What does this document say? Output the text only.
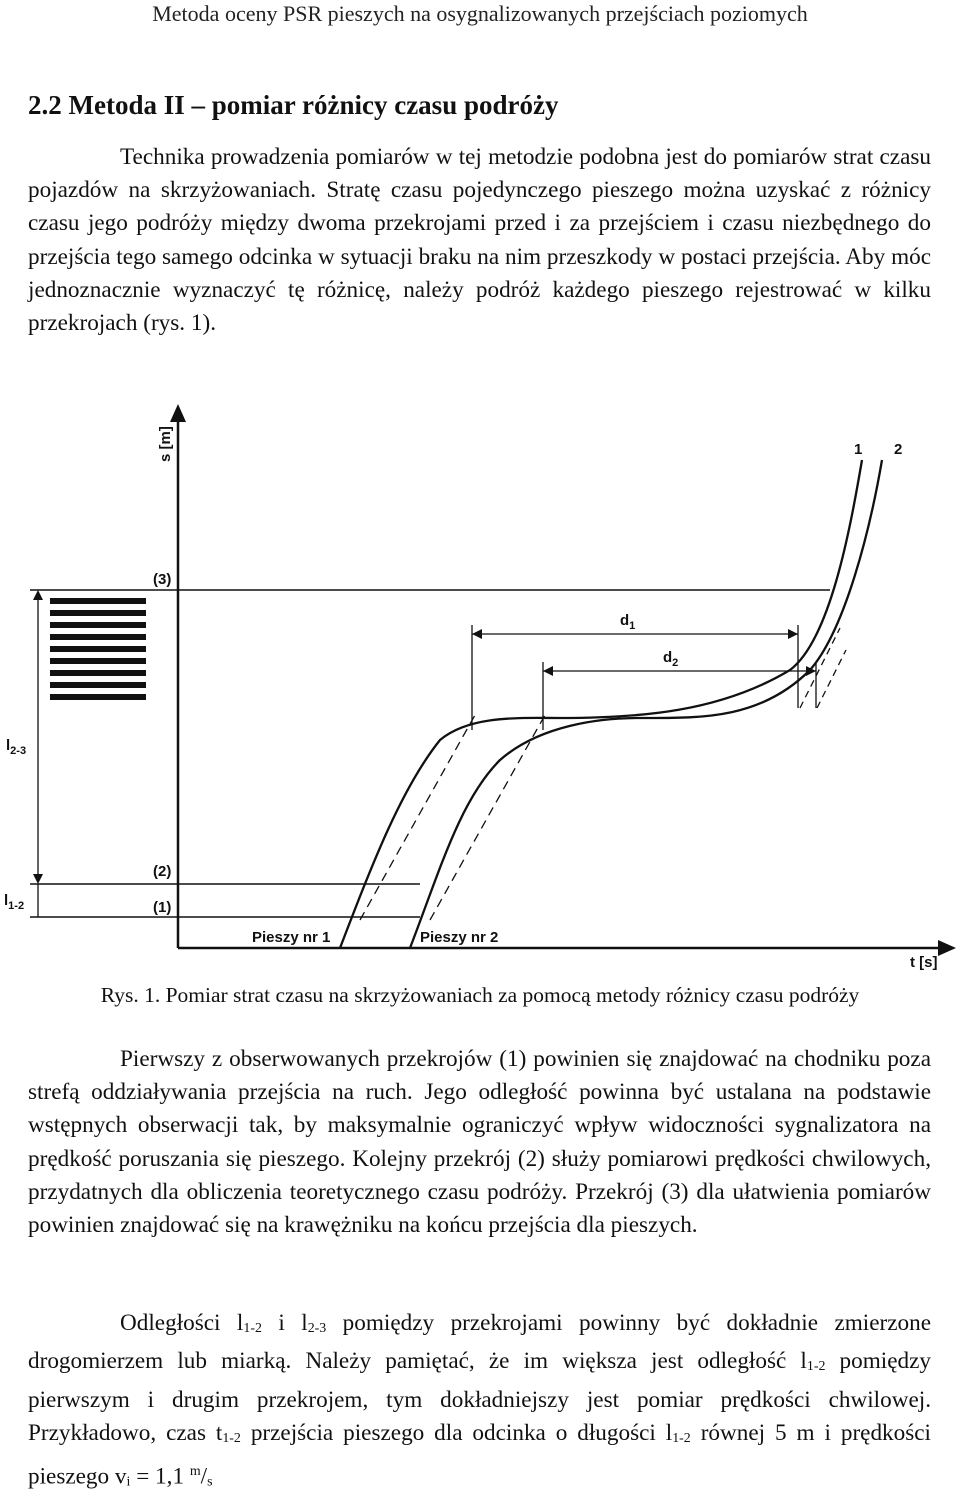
Metoda oceny PSR pieszych na osygnalizowanych przejściach poziomych
2.2 Metoda II – pomiar różnicy czasu podróży
Technika prowadzenia pomiarów w tej metodzie podobna jest do pomiarów strat czasu pojazdów na skrzyżowaniach. Stratę czasu pojedynczego pieszego można uzyskać z różnicy czasu jego podróży między dwoma przekrojami przed i za przejściem i czasu niezbędnego do przejścia tego samego odcinka w sytuacji braku na nim przeszkody w postaci przejścia. Aby móc jednoznacznie wyznaczyć tę różnicę, należy podróż każdego pieszego rejestrować w kilku przekrojach (rys. 1).
s [m]
t [s]
(3)
(2)
(1)
$l_{2-3}$
$l_{1-2}$
$d_1$
$d_2$
1 2
Pieszy nr 1	Pieszy nr 2
Rys. 1. Pomiar strat czasu na skrzyżowaniach za pomocą metody różnicy czasu podróży
Pierwszy z obserwowanych przekrojów (1) powinien się znajdować na chodniku poza strefą oddziaływania przejścia na ruch. Jego odległość powinna być ustalana na podstawie wstępnych obserwacji tak, by maksymalnie ograniczyć wpływ widoczności sygnalizatora na prędkość poruszania się pieszego. Kolejny przekrój (2) służy pomiarowi prędkości chwilowych, przydatnych dla obliczenia teoretycznego czasu podróży. Przekrój (3) dla ułatwienia pomiarów powinien znajdować się na krawężniku na końcu przejścia dla pieszych.
Odległości l1-2 i l2-3 pomiędzy przekrojami powinny być dokładnie zmierzone drogomierzem lub miarką. Należy pamiętać, że im większa jest odległość l1-2 pomiędzy pierwszym i drugim przekrojem, tym dokładniejszy jest pomiar prędkości chwilowej. Przykładowo, czas t1-2 przejścia pieszego dla odcinka o długości l1-2 równej 5 m i prędkości pieszego vi = 1,1 $^m$/s
